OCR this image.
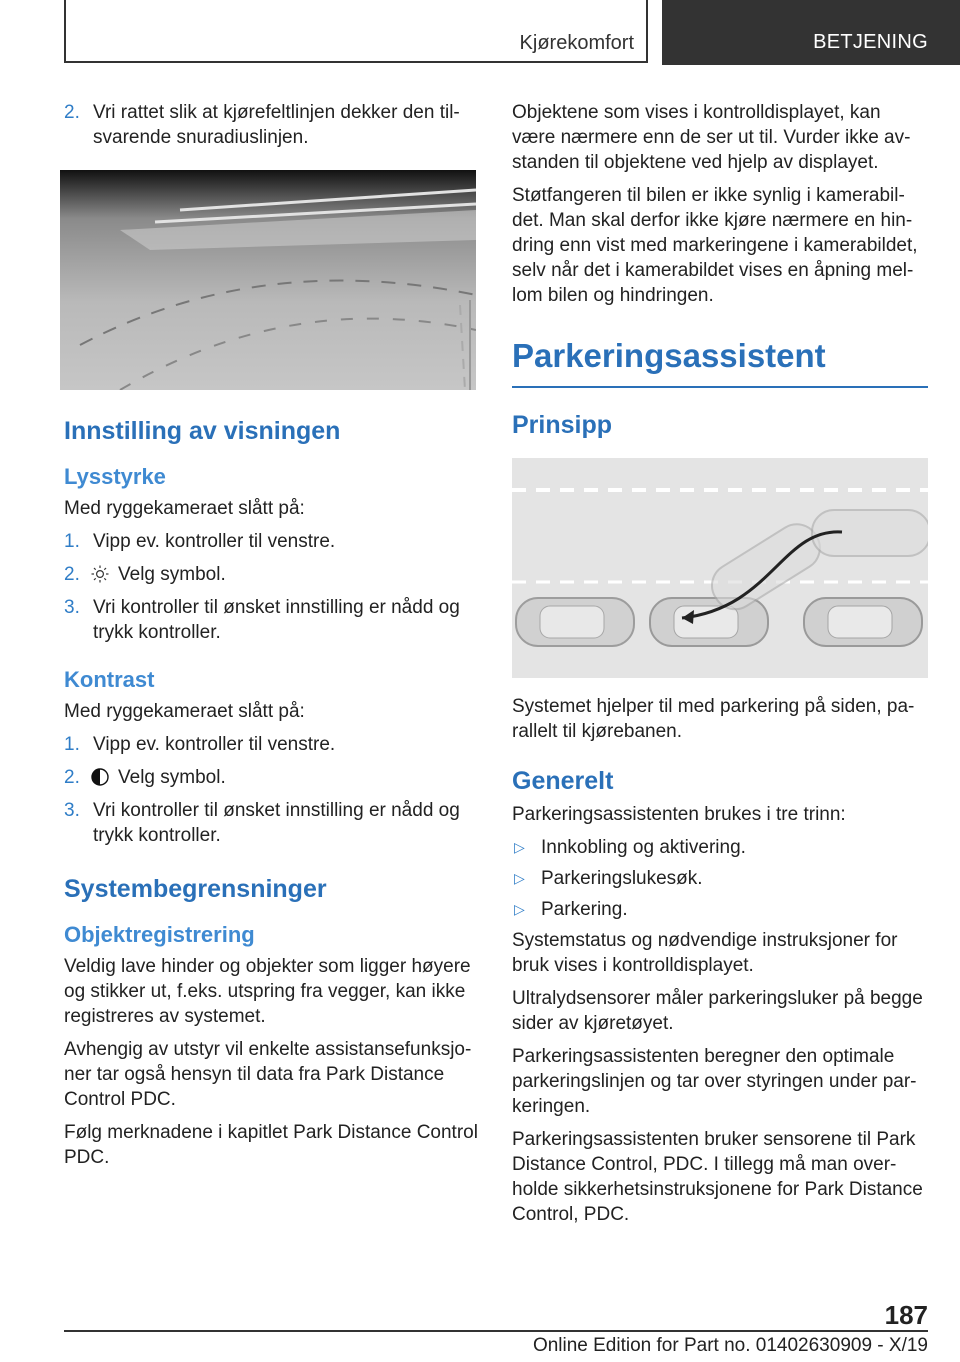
Kjørekomfort	BETJENING
2. Vri rattet slik at kjørefeltlinjen dekker den til-svarende snuradiuslinjen.
Innstilling av visningen
Lysstyrke

Med ryggekameraet slått på:

1. Vipp ev. kontroller til venstre.
2. Velg symbol.
3. Vri kontroller til ønsket innstilling er nådd og trykk kontroller.
Kontrast

Med ryggekameraet slått på:

1. Vipp ev. kontroller til venstre.
2. Velg symbol.
3. Vri kontroller til ønsket innstilling er nådd og trykk kontroller.
Systembegrensninger
Objektregistrering

Veldig lave hinder og objekter som ligger høyere og stikker ut, f.eks. utspring fra vegger, kan ikke registreres av systemet.

Avhengig av utstyr vil enkelte assistansefunksjo-ner tar også hensyn til data fra Park Distance Control PDC.

Følg merknadene i kapitlet Park Distance Control PDC.

Objektene som vises i kontrolldisplayet, kan være nærmere enn de ser ut til. Vurder ikke av-standen til objektene ved hjelp av displayet.

Støtfangeren til bilen er ikke synlig i kamerabil-det. Man skal derfor ikke kjøre nærmere en hin-dring enn vist med markeringene i kamerabildet, selv når det i kamerabildet vises en åpning mel-lom bilen og hindringen.

Parkeringsassistent
Prinsipp

Systemet hjelper til med parkering på siden, pa-rallelt til kjørebanen.

Generelt

Parkeringsassistenten brukes i tre trinn:

▷ Innkobling og aktivering.
▷ Parkeringslukesøk.
▷ Parkering.

Systemstatus og nødvendige instruksjoner for bruk vises i kontrolldisplayet.

Ultralydsensorer måler parkeringsluker på begge sider av kjøretøyet.

Parkeringsassistenten beregner den optimale parkeringslinjen og tar over styringen under par-keringen.

Parkeringsassistenten bruker sensorene til Park Distance Control, PDC. I tillegg må man over-holde sikkerhetsinstruksjonene for Park Distance Control, PDC.

187
Online Edition for Part no. 01402630909 - X/19
